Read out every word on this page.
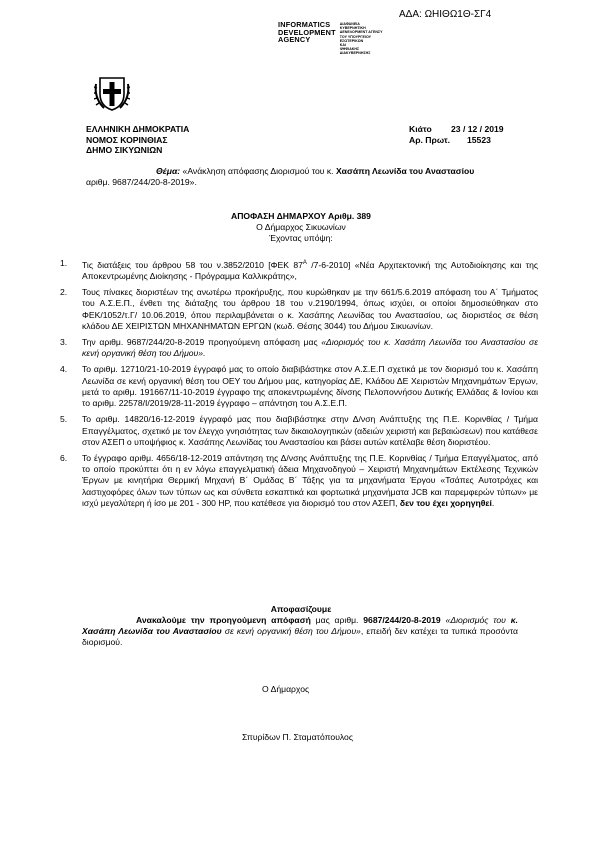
ΑΔΑ: ΩΗΙΘΩ1Θ-ΣΓ4
INFORMATICS
DEVELOPMENT
AGENCY
ΔΙΑΦΑΝΕΙΑ
ΚΥΒΕΡΝΗΤΙΚΗ
ΔΕΝΕΛΟΡΜΕΝΤ ΑΓΕΝΣΥ
ΤΟΥ ΥΠΟΥΡΓΕΙΟΥ
ΕΣΩΤΕΡΙΚΩΝ
ΚΑΙ
ΨΗΦΙΑΚΗΣ
ΔΙΑΚΥΒΕΡΝΗΣΗΣ
ΕΛΛΗΝΙΚΗ ΔΗΜΟΚΡΑΤΙΑ
ΝΟΜΟΣ ΚΟΡΙΝΘΙΑΣ
ΔΗΜΟ ΣΙΚΥΩΝΙΩΝ
Κιάτο 23 / 12 / 2019
Αρ. Πρωτ. 15523
Θέμα: «Ανάκληση απόφασης Διορισμού του κ. Χασάπη Λεωνίδα του Αναστασίου
αριθμ. 9687/244/20-8-2019».
ΑΠΟΦΑΣΗ ΔΗΜΑΡΧΟΥ Αριθμ. 389
Ο Δήμαρχος Σικυωνίων
Έχοντας υπόψη:
1. Τις διατάξεις του άρθρου 58 του ν.3852/2010 [ΦΕΚ $87^A$ /7-6-2010] «Νέα Αρχιτεκτονική της Αυτοδιοίκησης και της Αποκεντρωμένης Διοίκησης - Πρόγραμμα Καλλικράτης»,
2. Τους πίνακες διοριστέων της ανωτέρω προκήρυξης, που κυρώθηκαν με την 661/5.6.2019 απόφαση του Α΄ Τμήματος του Α.Σ.Ε.Π., ένθετι της διάταξης του άρθρου 18 του ν.2190/1994, όπως ισχύει, οι οποίοι δημοσιεύθηκαν στο ΦΕΚ/1052/τ.Γ/ 10.06.2019, όπου περιλαμβάνεται ο κ. Χασάπης Λεωνίδας του Αναστασίου, ως διοριστέος σε θέση κλάδου ΔΕ ΧΕΙΡΙΣΤΩΝ ΜΗΧΑΝΗΜΑΤΩΝ ΕΡΓΩΝ (κωδ. Θέσης 3044) του Δήμου Σικυωνίων.
3. Την αριθμ. 9687/244/20-8-2019 προηγούμενη απόφαση μας «Διορισμός του κ. Χασάπη Λεωνίδα του Αναστασίου σε κενή οργανική θέση του Δήμου».
4. Το αριθμ. 12710/21-10-2019 έγγραφό μας το οποίο διαβιβάστηκε στον Α.Σ.Ε.Π σχετικά με τον διορισμό του κ. Χασάπη Λεωνίδα σε κενή οργανική θέση του ΟΕΥ του Δήμου μας, κατηγορίας ΔΕ, Κλάδου ΔΕ Χειριστών Μηχανημάτων Έργων, μετά το αριθμ. 191667/11-10-2019 έγγραφο της αποκεντρωμένης δίνσης Πελοποννήσου Δυτικής Ελλάδας & Ιονίου και το αριθμ. 22578/Ι/2019/28-11-2019 έγγραφο – απάντηση του Α.Σ.Ε.Π.
5. Το αριθμ. 14820/16-12-2019 έγγραφό μας που διαβιβάστηκε στην Δ/νση Ανάπτυξης της Π.Ε. Κορινθίας / Τμήμα Επαγγέλματος, σχετικό με τον έλεγχο γνησιότητας των δικαιολογητικών (αδειών χειριστή και βεβαιώσεων) που κατάθεσε στον ΑΣΕΠ ο υποψήφιος κ. Χασάπης Λεωνίδας του Αναστασίου και βάσει αυτών κατέλαβε θέση διοριστέου.
6. Το έγγραφο αριθμ. 4656/18-12-2019 απάντηση της Δ/νσης Ανάπτυξης της Π.Ε. Κορινθίας / Τμήμα Επαγγέλματος, από το οποίο προκύπτει ότι η εν λόγω επαγγελματική άδεια Μηχανοδηγού – Χειριστή Μηχανημάτων Εκτέλεσης Τεχνικών Έργων με κινητήρια Θερμική Μηχανή Β΄ Ομάδας Β΄ Τάξης για τα μηχανήματα Έργου «Τσάπες Αυτοτρόχες και λαστιχοφόρες όλων των τύπων ως και σύνθετα εσκαπτικά και φορτωτικά μηχανήματα JCB και παρεμφερών τύπων» με ισχύ μεγαλύτερη ή ίσο με 201 - 300 HP, που κατέθεσε για διορισμό του στον ΑΣΕΠ, δεν του έχει χορηγηθεί.
Αποφασίζουμε
Ανακαλούμε την προηγούμενη απόφασή μας αριθμ. 9687/244/20-8-2019 «Διορισμός του κ. Χασάπη Λεωνίδα του Αναστασίου σε κενή οργανική θέση του Δήμου», επειδή δεν κατέχει τα τυπικά προσόντα διορισμού.
Ο Δήμαρχος
Σπυρίδων Π. Σταματόπουλος
